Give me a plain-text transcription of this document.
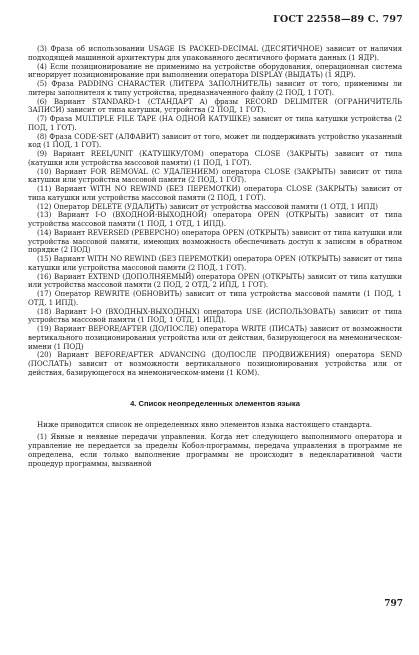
ГОСТ 22558—89 С. 797

(3) Фраза об использовании USAGE IS PACKED-DECIMAL (ДЕСЯТИЧНОЕ) зависит от наличия подходящей машинной архитектуры для упакованного десятичного формата данных (1 ЯДР).

(4) Если позиционирование не применимо на устройстве оборудования, операционная система игнорирует позиционирование при выполнении оператора DISPLAY (ВЫДАТЬ) (1 ЯДР).

(5) Фраза PADDING CHARACTER (ЛИТЕРА ЗАПОЛНИТЕЛЬ) зависит от того, применимы ли литеры заполнителя к типу устройства, предназначенного файлу (2 ПОД, 1 ГОТ).

(6) Вариант STANDARD-1 (СТАНДАРТ А) фразы RECORD DELIMITER (ОГРАНИЧИТЕЛЬ ЗАПИСИ) зависит от типа катушки, устройства (2 ПОД, 1 ГОТ).

(7) Фраза MULTIPLE FILE TAPE (НА ОДНОЙ КАТУШКЕ) зависит от типа катушки устройства (2 ПОД, 1 ГОТ).

(8) Фраза CODE-SET (АЛФАВИТ) зависит от того, может ли поддерживать устройство указанный код (1 ПОД, 1 ГОТ).

(9) Вариант REEL/UNIT (КАТУШКУ/ТОМ) оператора CLOSE (ЗАКРЫТЬ) зависит от типа (катушки или устройства массовой памяти) (1 ПОД, 1 ГОТ).

(10) Вариант FOR REMOVAL (С УДАЛЕНИЕМ) оператора CLOSE (ЗАКРЫТЬ) зависит от типа катушки или устройства массовой памяти (2 ПОД, 1 ГОТ).

(11) Вариант WITH NO REWIND (БЕЗ ПЕРЕМОТКИ) оператора CLOSE (ЗАКРЫТЬ) зависит от типа катушки или устройства массовой памяти (2 ПОД, 1 ГОТ).

(12) Оператор DELETE (УДАЛИТЬ) зависит от устройства массовой памяти (1 ОТД, 1 ИПД)

(13) Вариант I-O (ВХОДНОЙ-ВЫХОДНОЙ) оператора OPEN (ОТКРЫТЬ) зависит от типа устройства массовой памяти (1 ПОД, 1 ОТД, 1 ИПД).

(14) Вариант REVERSED (РЕВЕРСНО) оператора OPEN (ОТКРЫТЬ) зависит от типа катушки или устройства массовой памяти, имеющих возможность обеспечивать доступ к записям в обратном порядке (2 ПОД)

(15) Вариант WITH NO REWIND (БЕЗ ПЕРЕМОТКИ) оператора OPEN (ОТКРЫТЬ) зависит от типа катушки или устройства массовой памяти (2 ПОД, 1 ГОТ).

(16) Вариант EXTEND (ДОПОЛНЯЕМЫЙ) оператора OPEN (ОТКРЫТЬ) зависит от типа катушки или устройства массовой памяти (2 ПОД, 2 ОТД, 2 ИПД, 1 ГОТ).

(17) Оператор REWRITE (ОБНОВИТЬ) зависит от типа устройства массовой памяти (1 ПОД, 1 ОТД, 1 ИПД).

(18) Вариант I-O (ВХОДНЫХ-ВЫХОДНЫХ) оператора USE (ИСПОЛЬЗОВАТЬ) зависит от типа устройства массовой памяти (1 ПОД, 1 ОТД, 1 ИПД).

(19) Вариант BEFORE/AFTER (ДО/ПОСЛЕ) оператора WRITE (ПИСАТЬ) зависит от возможности вертикального позиционирования устройства или от действия, базирующегося на мнемоническом-имени (1 ПОД)

(20) Вариант BEFORE/AFTER ADVANCING (ДО/ПОСЛЕ ПРОДВИЖЕНИЯ) оператора SEND (ПОСЛАТЬ) зависит от возможности вертикального позиционирования устройства или от действия, базирующегося на мнемоническом-имени (1 КОМ).

4. Список неопределенных элементов языка

Ниже приводится список не определенных явно элементов языка настоящего стандарта.

(1) Явные и неявные передачи управления. Когда нет следующего выполнимого оператора и управление не передается за пределы Кобол-программы, передача управления в программе не определена, если только выполнение программы не происходит в недекларативной части процедур программы, вызванной

797
